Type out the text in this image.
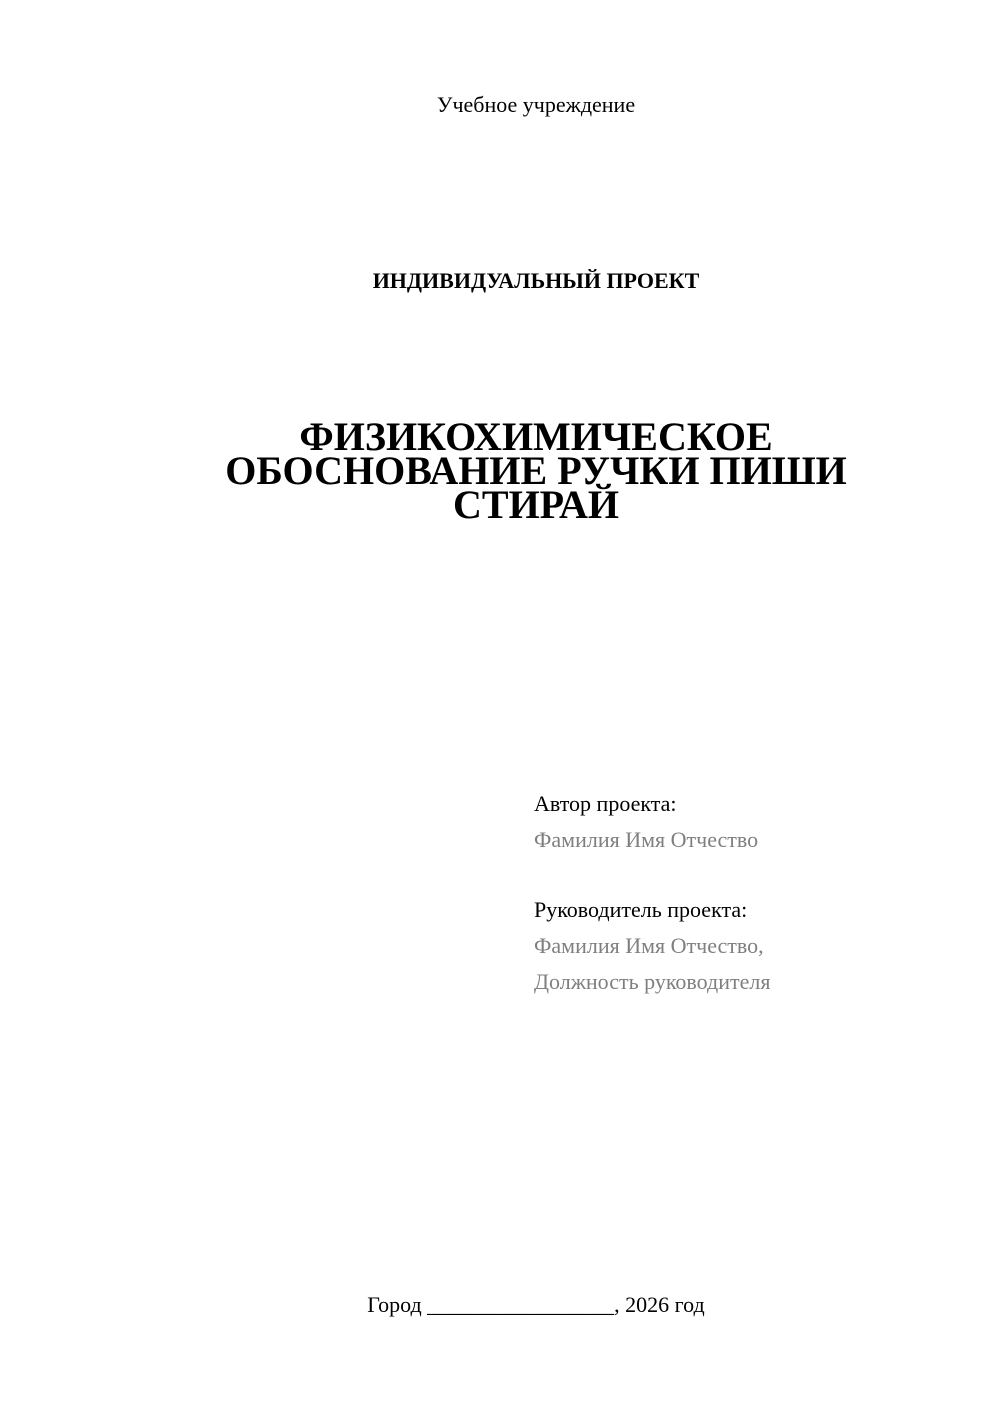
Учебное учреждение
ИНДИВИДУАЛЬНЫЙ ПРОЕКТ
ФИЗИКОХИМИЧЕСКОЕ
ОБОСНОВАНИЕ РУЧКИ ПИШИ
СТИРАЙ
Автор проекта:
Фамилия Имя Отчество
Руководитель проекта:
Фамилия Имя Отчество,
Должность руководителя
Город _________________, 2026 год
